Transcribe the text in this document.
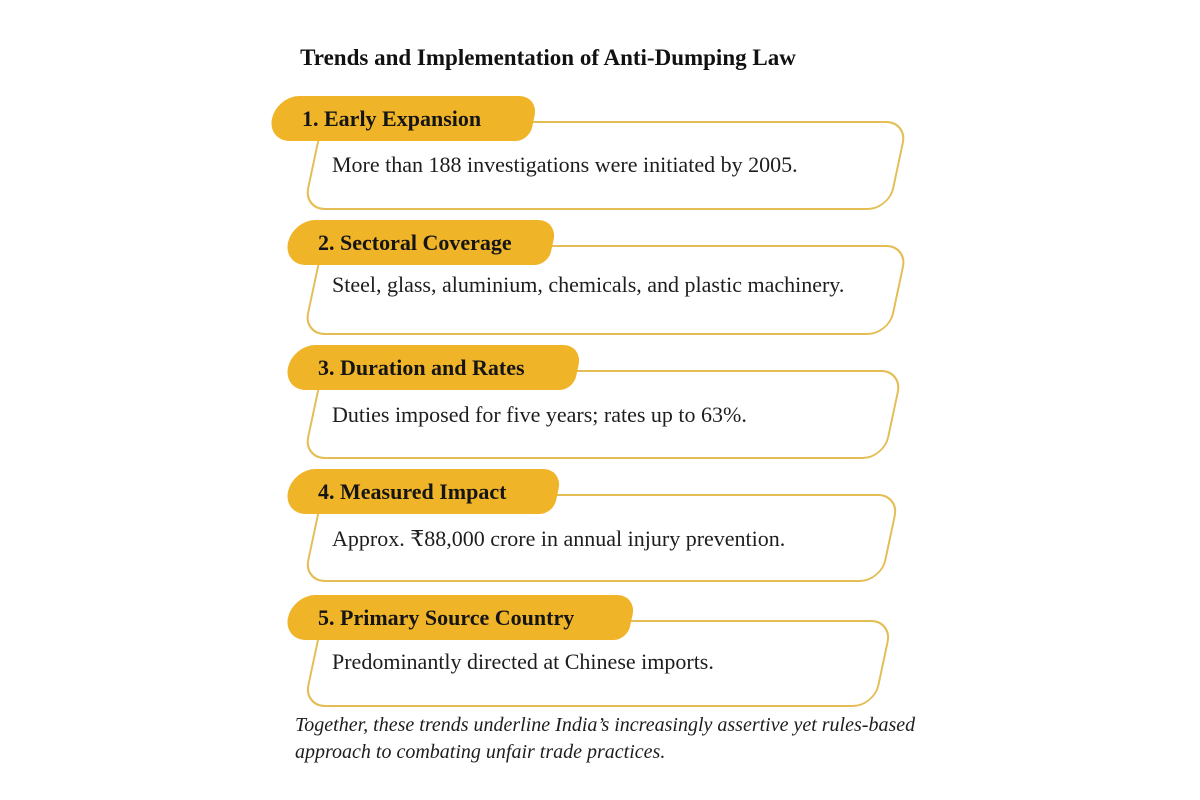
Trends and Implementation of Anti-Dumping Law
1. Early Expansion
More than 188 investigations were initiated by 2005.
2. Sectoral Coverage
Steel, glass, aluminium, chemicals, and plastic machinery.
3. Duration and Rates
Duties imposed for five years; rates up to 63%.
4. Measured Impact
Approx. ₹88,000 crore in annual injury prevention.
5. Primary Source Country
Predominantly directed at Chinese imports.
Together, these trends underline India’s increasingly assertive yet rules-based
approach to combating unfair trade practices.
